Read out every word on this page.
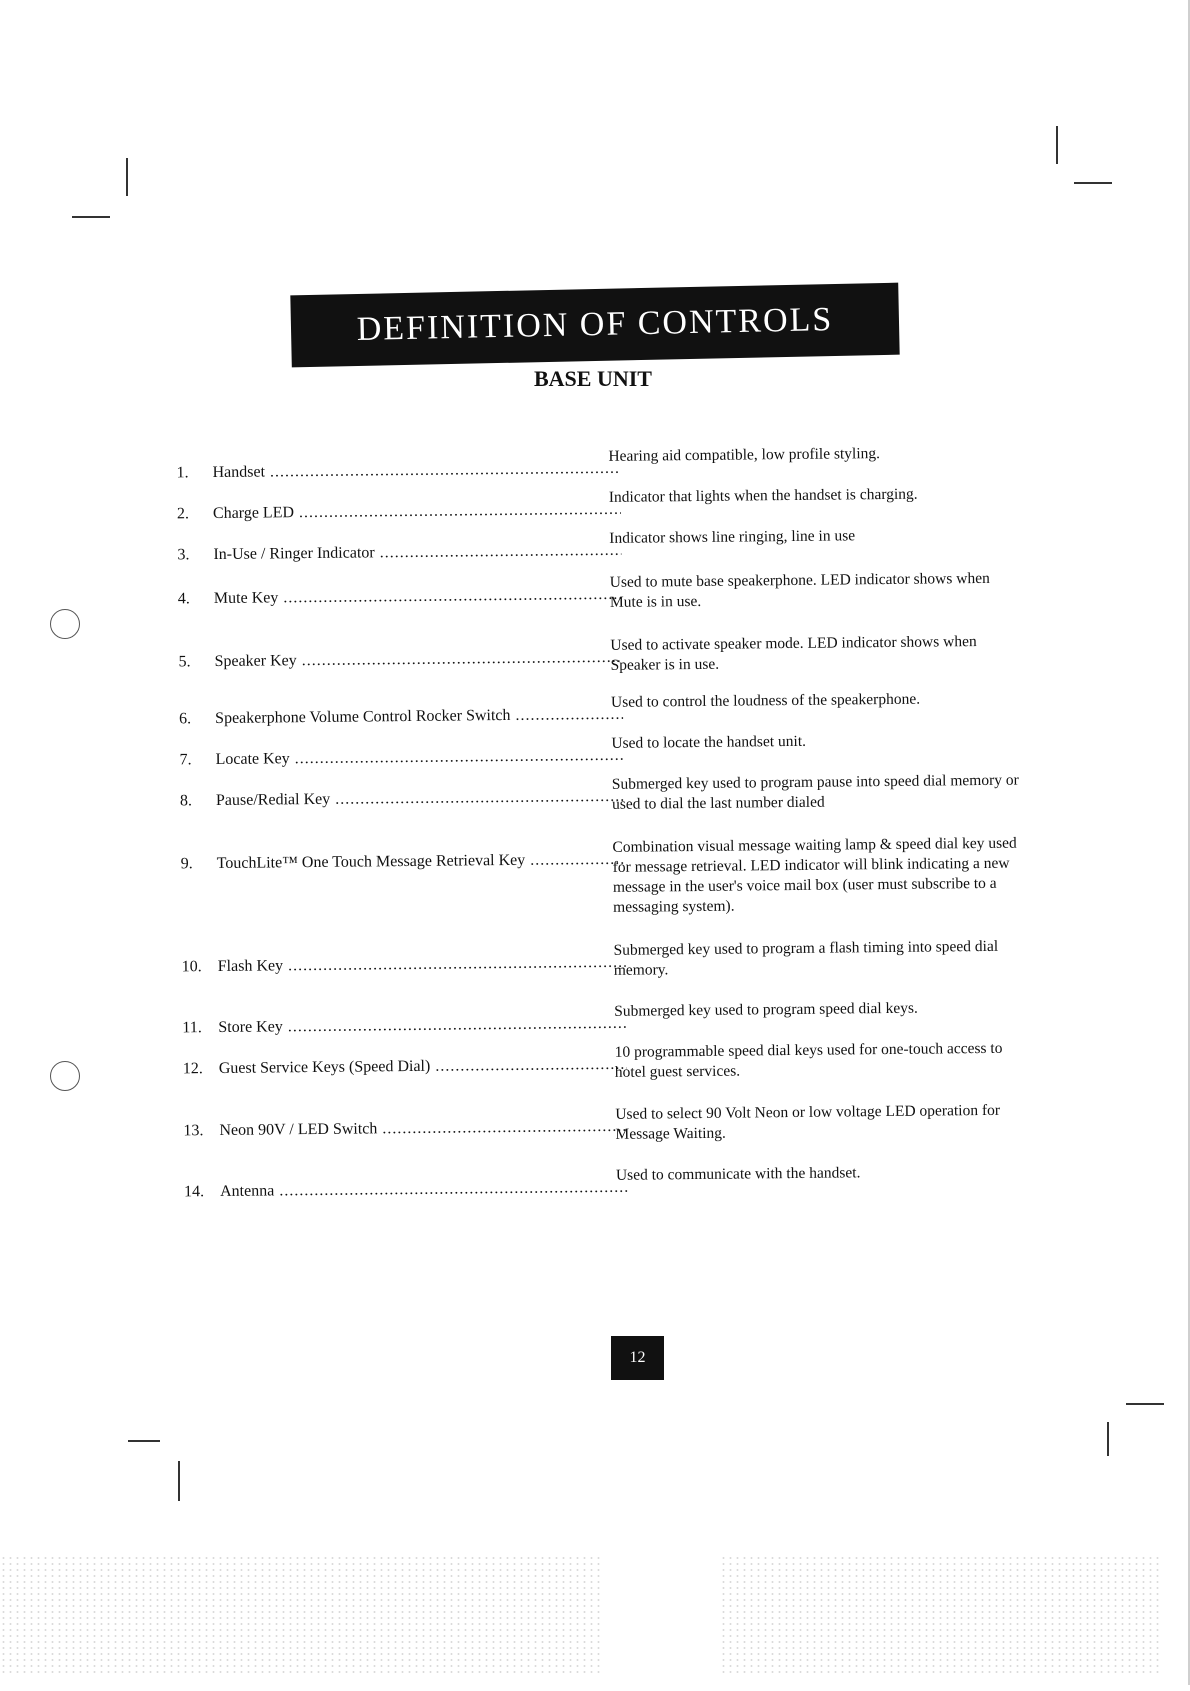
DEFINITION OF CONTROLS
BASE UNIT
1.	Handset .....
Hearing aid compatible, low profile styling.
2.	Charge LED .....
Indicator that lights when the handset is charging.
3.	In-Use / Ringer Indicator .....
Indicator shows line ringing, line in use
4.	Mute Key .....
Used to mute base speakerphone. LED indicator shows when Mute is in use.
5.	Speaker Key .....
Used to activate speaker mode. LED indicator shows when Speaker is in use.
6.	Speakerphone Volume Control Rocker Switch .....
Used to control the loudness of the speakerphone.
7.	Locate Key .....
Used to locate the handset unit.
8.	Pause/Redial Key .....
Submerged key used to program pause into speed dial memory or used to dial the last number dialed
9.	TouchLite™ One Touch Message Retrieval Key .....
Combination visual message waiting lamp & speed dial key used for message retrieval. LED indicator will blink indicating a new message in the user's voice mail box (user must subscribe to a messaging system).
10. Flash Key .....
Submerged key used to program a flash timing into speed dial memory.
11.	Store Key .....
Submerged key used to program speed dial keys.
12. Guest Service Keys (Speed Dial) .....
10 programmable speed dial keys used for one-touch access to hotel guest services.
13. Neon 90V / LED Switch .....
Used to select 90 Volt Neon or low voltage LED operation for Message Waiting.
14. Antenna .....
Used to communicate with the handset.
12
